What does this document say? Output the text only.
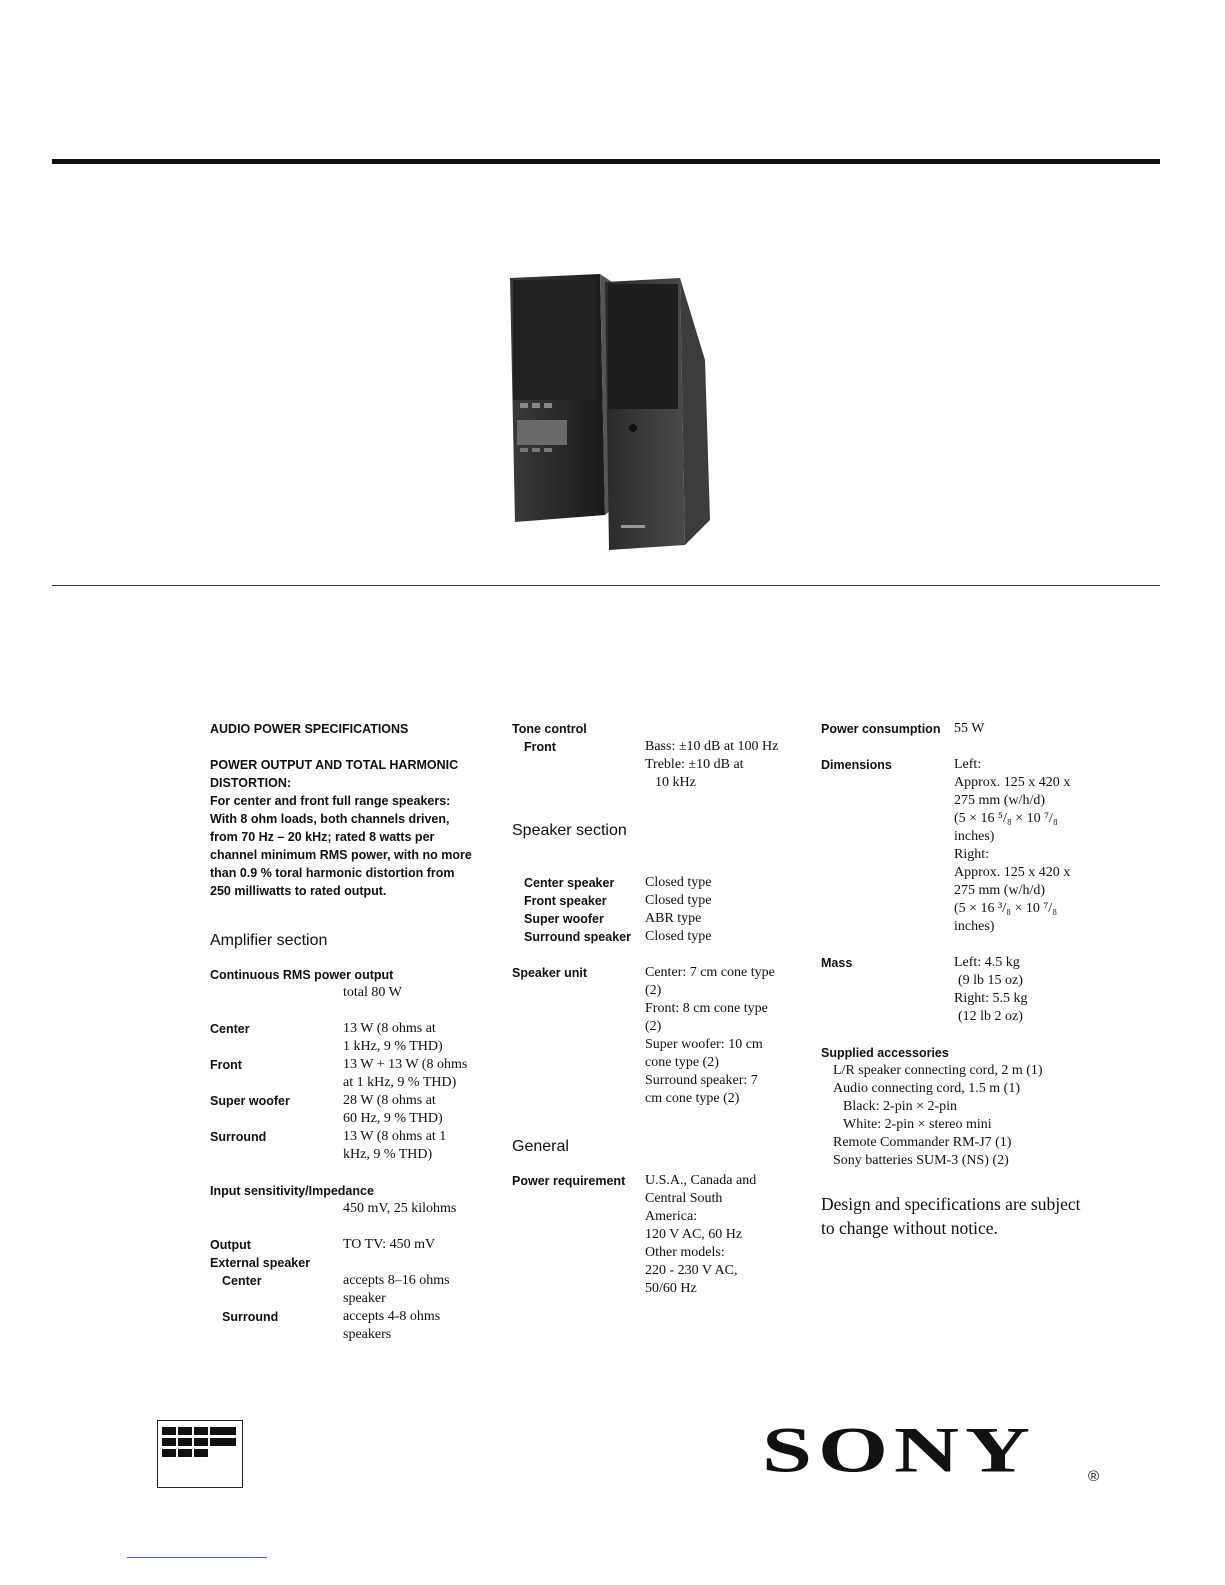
AUDIO POWER SPECIFICATIONS
POWER OUTPUT AND TOTAL HARMONIC
DISTORTION:
For center and front full range speakers:
With 8 ohm loads, both channels driven,
from 70 Hz – 20 kHz; rated 8 watts per
channel minimum RMS power, with no more
than 0.9 % toral harmonic distortion from
250 milliwatts to rated output.
Amplifier section
Continuous RMS power output
total 80 W
Center	13 W (8 ohms at
1 kHz, 9 % THD)
Front	13 W + 13 W (8 ohms
at 1 kHz, 9 % THD)
Super woofer	28 W (8 ohms at
60 Hz, 9 % THD)
Surround	13 W (8 ohms at 1
kHz, 9 % THD)
Input sensitivity/Impedance
450 mV, 25 kilohms
Output	TO TV: 450 mV
External speaker
Center	accepts 8–16 ohms
speaker
Surround	accepts 4-8 ohms
speakers
Tone control
Front	Bass: ±10 dB at 100 Hz
Treble: ±10 dB at
10 kHz
Speaker section
Center speaker	Closed type
Front speaker	Closed type
Super woofer	ABR type
Surround speaker	Closed type
Speaker unit	Center: 7 cm cone type
(2)
Front: 8 cm cone type
(2)
Super woofer: 10 cm
cone type (2)
Surround speaker: 7
cm cone type (2)
General
Power requirement	U.S.A., Canada and
Central South
America:
120 V AC, 60 Hz
Other models:
220 - 230 V AC,
50/60 Hz
Power consumption 55 W
Dimensions	Left:
Approx. 125 x 420 x
275 mm (w/h/d)
(5 × 16 ⁵/₈ × 10 ⁷/₈
inches)
Right:
Approx. 125 x 420 x
275 mm (w/h/d)
(5 × 16 ³/₈ × 10 ⁷/₈
inches)
Mass	Left: 4.5 kg
(9 lb 15 oz)
Right: 5.5 kg
(12 lb 2 oz)
Supplied accessories
L/R speaker connecting cord, 2 m (1)
Audio connecting cord, 1.5 m (1)
Black: 2-pin × 2-pin
White: 2-pin × stereo mini
Remote Commander RM-J7 (1)
Sony batteries SUM-3 (NS) (2)
Design and specifications are subject
to change without notice.
SONY	®
